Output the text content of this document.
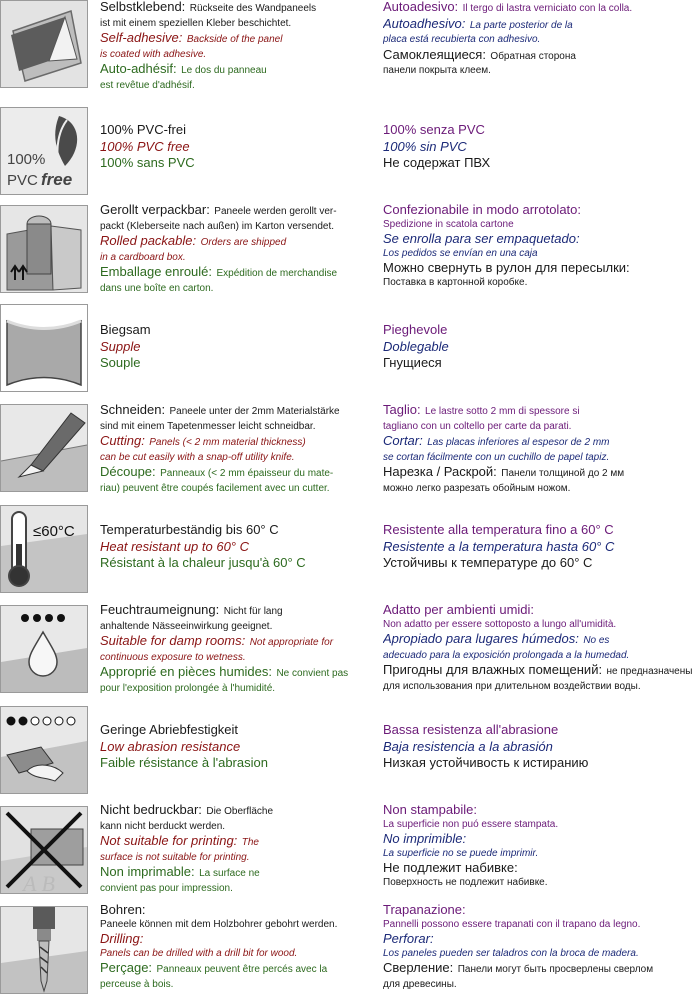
Selbstklebend: Rückseite des Wandpaneels
ist mit einem speziellen Kleber beschichtet.
Self-adhesive: Backside of the panel
is coated with adhesive.
Auto-adhésif: Le dos du panneau
est revêtue d'adhésif.
Autoadesivo: Il tergo di lastra verniciato con la colla.
Autoadhesivo: La parte posterior de la
placa está recubierta con adhesivo.
Самоклеящиеся: Обратная сторона
панели покрыта клеем.
100%
PVC free
100% PVC-frei
100% PVC free
100% sans PVC
100% senza PVC
100% sin PVC
Не содержат ПВХ
Gerollt verpackbar: Paneele werden gerollt ver-
packt (Kleberseite nach außen) im Karton versendet.
Rolled packable: Orders are shipped
in a cardboard box.
Emballage enroulé: Expédition de merchandise
dans une boîte en carton.
Confezionabile in modo arrotolato:
Spedizione in scatola cartone
Se enrolla para ser empaquetado:
Los pedidos se envían en una caja
Можно свернуть в рулон для пересылки:
Поставка в картонной коробке.
Biegsam
Supple
Souple
Pieghevole
Doblegable
Гнущиеся
Schneiden: Paneele unter der 2mm Materialstärke
sind mit einem Tapetenmesser leicht schneidbar.
Cutting: Panels (< 2 mm material thickness)
can be cut easily with a snap-off utility knife.
Découpe: Panneaux (< 2 mm épaisseur du mate-
riau) peuvent être coupés facilement avec un cutter.
Taglio: Le lastre sotto 2 mm di spessore si
tagliano con un coltello per carte da parati.
Cortar: Las placas inferiores al espesor de 2 mm
se cortan fácilmente con un cuchillo de papel tapiz.
Нарезка / Раскрой: Панели толщиной до 2 мм
можно легко разрезать обойным ножом.
≤60°C Temperaturbeständig bis 60° C
Heat resistant up to 60° C
Résistant à la chaleur jusqu'à 60° C
Resistente alla temperatura fino a 60° C
Resistente a la temperatura hasta 60° C
Устойчивы к температуре до 60° C
Feuchtraumeignung: Nicht für lang
anhaltende Nässeeinwirkung geeignet.
Suitable for damp rooms: Not appropriate for
continuous exposure to wetness.
Approprié en pièces humides: Ne convient pas
pour l'exposition prolongée à l'humidité.
Adatto per ambienti umidi:
Non adatto per essere sottoposto a lungo all'umidità.
Apropiado para lugares húmedos: No es
adecuado para la exposición prolongada a la humedad.
Пригодны для влажных помещений: не предназначены
для использования при длительном воздействии воды.
Geringe Abriebfestigkeit
Low abrasion resistance
Faible résistance à l'abrasion
Bassa resistenza all'abrasione
Baja resistencia a la abrasión
Низкая устойчивость к истиранию
A B
Nicht bedruckbar: Die Oberfläche
kann nicht berduckt werden.
Not suitable for printing: The
surface is not suitable for printing.
Non imprimable: La surface ne
convient pas pour impression.
Non stampabile:
La superficie non puó essere stampata.
No imprimible:
La superficie no se puede imprimir.
Не подлежит набивке:
Поверхность не подлежит набивке.
Bohren:
Paneele können mit dem Holzbohrer gebohrt werden.
Drilling:
Panels can be drilled with a drill bit for wood.
Perçage: Panneaux peuvent être percés avec la
perceuse à bois.
Trapanazione:
Pannelli possono essere trapanati con il trapano da legno.
Perforar:
Los paneles pueden ser taladros con la broca de madera.
Сверление: Панели могут быть просверлены сверлом
для древесины.
